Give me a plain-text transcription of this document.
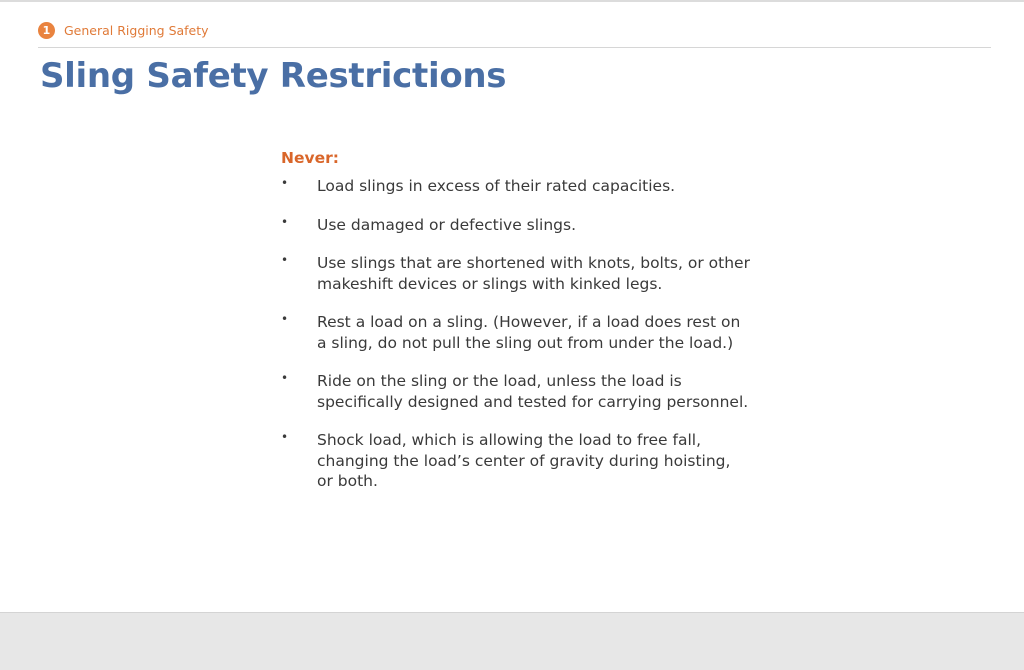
1	General Rigging Safety
Sling Safety Restrictions
Never:
• Load slings in excess of their rated capacities.
• Use damaged or defective slings.
• Use slings that are shortened with knots, bolts, or other makeshift devices or slings with kinked legs.
• Rest a load on a sling. (However, if a load does rest on a sling, do not pull the sling out from under the load.)
• Ride on the sling or the load, unless the load is specifically designed and tested for carrying personnel.
• Shock load, which is allowing the load to free fall, changing the load’s center of gravity during hoisting, or both.
